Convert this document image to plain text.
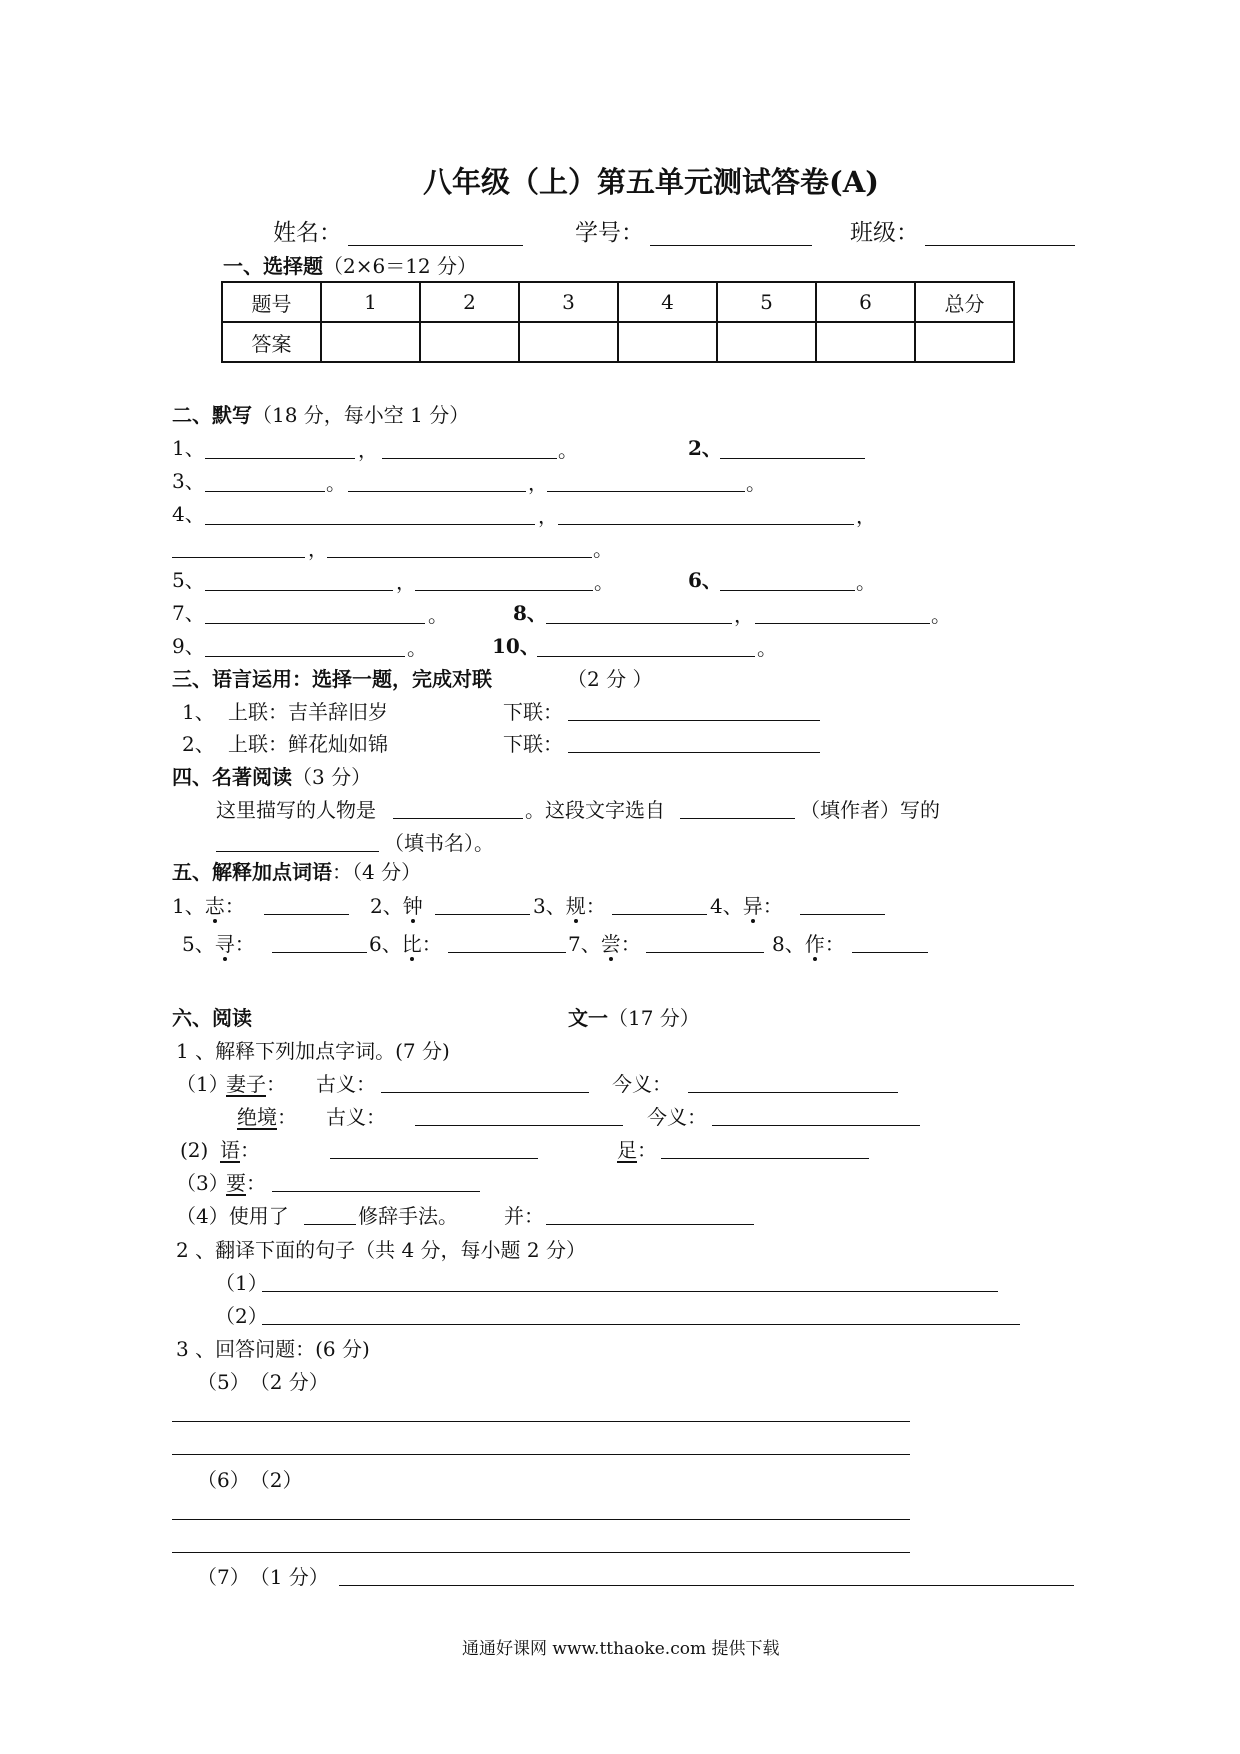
八年级（上）第五单元测试答卷(A)
姓名：	学号：	班级：
一、选择题（2×6＝12 分）
题号	1	2	3	4	5	6	总分
答案							
二、默写（18 分，每小空 1 分）
1、	，	。	2、
3、	。	，	。
4、	，	，
，	。
5、	，	。	6、	。
7、	。	8、	，	。
9、	。	10、	。
三、语言运用：选择一题，完成对联	（2 分 ）
1、 上联：吉羊辞旧岁	下联：
2、 上联：鲜花灿如锦	下联：
四、名著阅读（3 分）
这里描写的人物是	。这段文字选自	（填作者）写的
（填书名）。
五、解释加点词语：（4 分）
1、志：	2、钟	3、规：	4、异：
5、寻：	6、比：	7、尝：	8、作：
六、阅读	文一（17 分）
1 、解释下列加点字词。(7 分)
（1）
妻子： 古义：	今义：
绝境： 古义：	今义：
(2) 语：	足：
（3）
要：
（4）使用了	修辞手法。 并：
2 、翻译下面的句子（共 4 分，每小题 2 分）
（1）
（2）
3 、回答问题：(6 分)
（5）　（2 分）
（6）　（2）
（7）　（1 分）
通通好课网 www.tthaoke.com 提供下载
